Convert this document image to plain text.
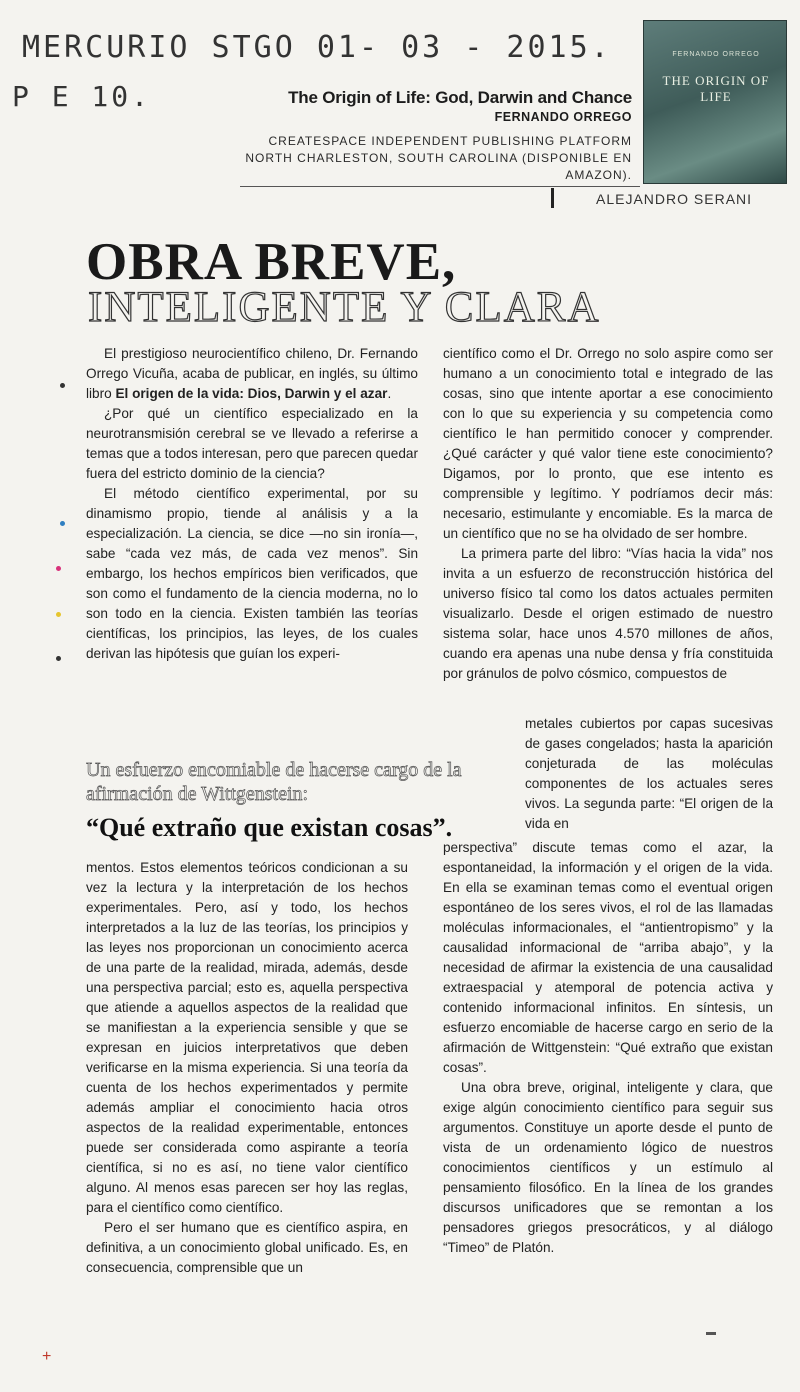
MERCURIO STGO 01- 03 - 2015.
P E 10.
FERNANDO ORREGO
THE ORIGIN OF LIFE
The Origin of Life: God, Darwin and Chance
FERNANDO ORREGO
CREATESPACE INDEPENDENT PUBLISHING PLATFORM
NORTH CHARLESTON, SOUTH CAROLINA (DISPONIBLE EN
AMAZON).
ALEJANDRO SERANI
OBRA BREVE,
INTELIGENTE Y CLARA

El prestigioso neurocientífico chileno, Dr. Fernando Orrego Vicuña, acaba de publicar, en inglés, su último libro El origen de la vida: Dios, Darwin y el azar.

¿Por qué un científico especializado en la neurotransmisión cerebral se ve llevado a referirse a temas que a todos interesan, pero que parecen quedar fuera del estricto dominio de la ciencia?

El método científico experimental, por su dinamismo propio, tiende al análisis y a la especialización. La ciencia, se dice —no sin ironía—, sabe “cada vez más, de cada vez menos”. Sin embargo, los hechos empíricos bien verificados, que son como el fundamento de la ciencia moderna, no lo son todo en la ciencia. Existen también las teorías científicas, los principios, las leyes, de los cuales derivan las hipótesis que guían los experi-

Un esfuerzo encomiable de hacerse cargo de la afirmación de Wittgenstein:
“Qué extraño que existan cosas”.

mentos. Estos elementos teóricos condicionan a su vez la lectura y la interpretación de los hechos experimentales. Pero, así y todo, los hechos interpretados a la luz de las teorías, los principios y las leyes nos proporcionan un conocimiento acerca de una parte de la realidad, mirada, además, desde una perspectiva parcial; esto es, aquella perspectiva que atiende a aquellos aspectos de la realidad que se manifiestan a la experiencia sensible y que se expresan en juicios interpretativos que deben verificarse en la misma experiencia. Si una teoría da cuenta de los hechos experimentados y permite además ampliar el conocimiento hacia otros aspectos de la realidad experimentable, entonces puede ser considerada como aspirante a teoría científica, si no es así, no tiene valor científico alguno. Al menos esas parecen ser hoy las reglas, para el científico como científico.

Pero el ser humano que es científico aspira, en definitiva, a un conocimiento global unificado. Es, en consecuencia, comprensible que un

científico como el Dr. Orrego no solo aspire como ser humano a un conocimiento total e integrado de las cosas, sino que intente aportar a ese conocimiento con lo que su experiencia y su competencia como científico le han permitido conocer y comprender. ¿Qué carácter y qué valor tiene este conocimiento? Digamos, por lo pronto, que ese intento es comprensible y legítimo. Y podríamos decir más: necesario, estimulante y encomiable. Es la marca de un científico que no se ha olvidado de ser hombre.

La primera parte del libro: “Vías hacia la vida” nos invita a un esfuerzo de reconstrucción histórica del universo físico tal como los datos actuales permiten visualizarlo. Desde el origen estimado de nuestro sistema solar, hace unos 4.570 millones de años, cuando era apenas una nube densa y fría constituida por gránulos de polvo cósmico, compuestos de

metales cubiertos por capas sucesivas de gases congelados; hasta la aparición conjeturada de las moléculas componentes de los actuales seres vivos. La segunda parte: “El origen de la vida en

perspectiva” discute temas como el azar, la espontaneidad, la información y el origen de la vida. En ella se examinan temas como el eventual origen espontáneo de los seres vivos, el rol de las llamadas moléculas informacionales, el “antientropismo” y la causalidad informacional de “arriba abajo”, y la necesidad de afirmar la existencia de una causalidad extraespacial y atemporal de potencia activa y contenido informacional infinitos. En síntesis, un esfuerzo encomiable de hacerse cargo en serio de la afirmación de Wittgenstein: “Qué extraño que existan cosas”.

Una obra breve, original, inteligente y clara, que exige algún conocimiento científico para seguir sus argumentos. Constituye un aporte desde el punto de vista de un ordenamiento lógico de nuestros conocimientos científicos y un estímulo al pensamiento filosófico. En la línea de los grandes discursos unificadores que se remontan a los pensadores griegos presocráticos, y al diálogo “Timeo” de Platón.

+
